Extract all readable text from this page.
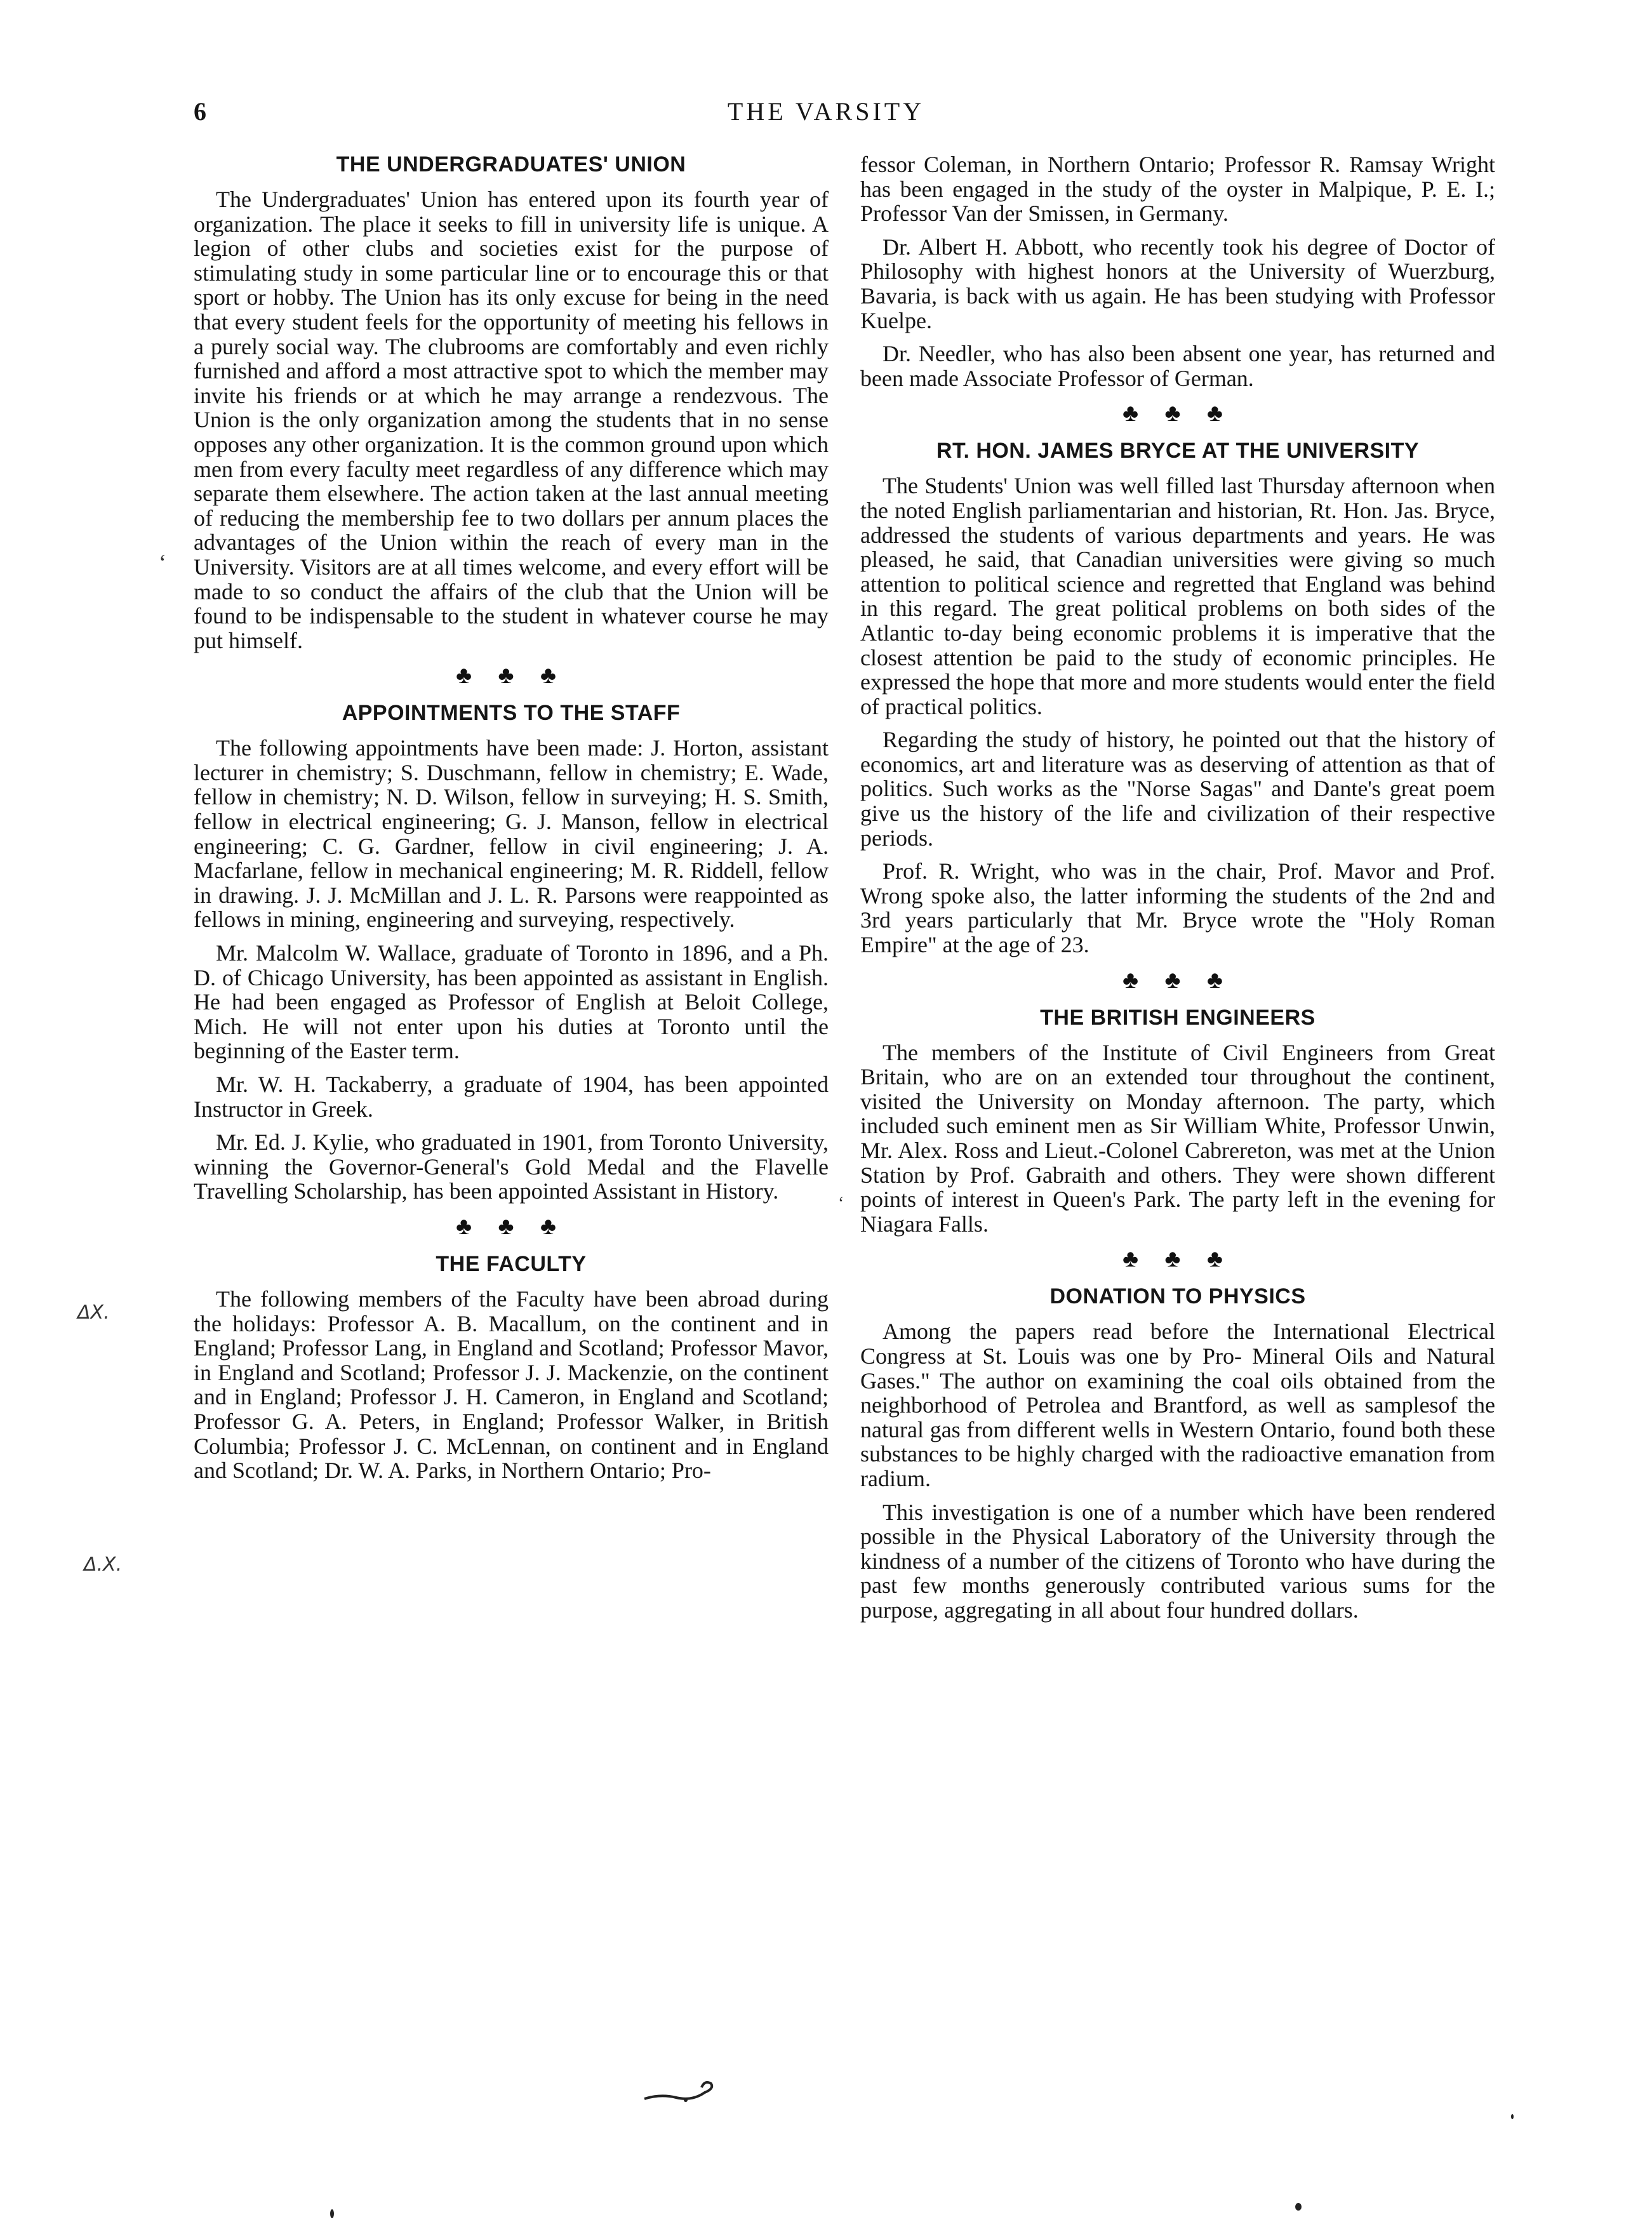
6	THE VARSITY
THE UNDERGRADUATES' UNION

The Undergraduates' Union has entered upon its fourth year of organization. The place it seeks to fill in university life is unique. A legion of other clubs and societies exist for the purpose of stimulating study in some particular line or to encourage this or that sport or hobby. The Union has its only excuse for being in the need that every student feels for the opportunity of meeting his fellows in a purely social way. The clubrooms are comfortably and even richly furnished and afford a most attractive spot to which the member may invite his friends or at which he may arrange a rendezvous. The Union is the only organization among the students that in no sense opposes any other organization. It is the common ground upon which men from every faculty meet regardless of any difference which may separate them elsewhere. The action taken at the last annual meeting of reducing the membership fee to two dollars per annum places the advantages of the Union within the reach of every man in the University. Visitors are at all times welcome, and every effort will be made to so conduct the affairs of the club that the Union will be found to be indispensable to the student in whatever course he may put himself.

♣ ♣ ♣
APPOINTMENTS TO THE STAFF

The following appointments have been made: J. Horton, assistant lecturer in chemistry; S. Duschmann, fellow in chemistry; E. Wade, fellow in chemistry; N. D. Wilson, fellow in surveying; H. S. Smith, fellow in electrical engineering; G. J. Manson, fellow in electrical engineering; C. G. Gardner, fellow in civil engineering; J. A. Macfarlane, fellow in mechanical engineering; M. R. Riddell, fellow in drawing. J. J. McMillan and J. L. R. Parsons were reappointed as fellows in mining, engineering and surveying, respectively.

Mr. Malcolm W. Wallace, graduate of Toronto in 1896, and a Ph. D. of Chicago University, has been appointed as assistant in English. He had been engaged as Professor of English at Beloit College, Mich. He will not enter upon his duties at Toronto until the beginning of the Easter term.

Mr. W. H. Tackaberry, a graduate of 1904, has been appointed Instructor in Greek.

Mr. Ed. J. Kylie, who graduated in 1901, from Toronto University, winning the Governor-General's Gold Medal and the Flavelle Travelling Scholarship, has been appointed Assistant in History.

♣ ♣ ♣
THE FACULTY

The following members of the Faculty have been abroad during the holidays: Professor A. B. Macallum, on the continent and in England; Professor Lang, in England and Scotland; Professor Mavor, in England and Scotland; Professor J. J. Mackenzie, on the continent and in England; Professor J. H. Cameron, in England and Scotland; Professor G. A. Peters, in England; Professor Walker, in British Columbia; Professor J. C. McLennan, on continent and in England and Scotland; Dr. W. A. Parks, in Northern Ontario; Pro-

fessor Coleman, in Northern Ontario; Professor R. Ramsay Wright has been engaged in the study of the oyster in Malpique, P. E. I.; Professor Van der Smissen, in Germany.

Dr. Albert H. Abbott, who recently took his degree of Doctor of Philosophy with highest honors at the University of Wuerzburg, Bavaria, is back with us again. He has been studying with Professor Kuelpe.

Dr. Needler, who has also been absent one year, has returned and been made Associate Professor of German.

♣ ♣ ♣
RT. HON. JAMES BRYCE AT THE UNIVERSITY

The Students' Union was well filled last Thursday afternoon when the noted English parliamentarian and historian, Rt. Hon. Jas. Bryce, addressed the students of various departments and years. He was pleased, he said, that Canadian universities were giving so much attention to political science and regretted that England was behind in this regard. The great political problems on both sides of the Atlantic to-day being economic problems it is imperative that the closest attention be paid to the study of economic principles. He expressed the hope that more and more students would enter the field of practical politics.

Regarding the study of history, he pointed out that the history of economics, art and literature was as deserving of attention as that of politics. Such works as the "Norse Sagas" and Dante's great poem give us the history of the life and civilization of their respective periods.

Prof. R. Wright, who was in the chair, Prof. Mavor and Prof. Wrong spoke also, the latter informing the students of the 2nd and 3rd years particularly that Mr. Bryce wrote the "Holy Roman Empire" at the age of 23.

♣ ♣ ♣
THE BRITISH ENGINEERS

The members of the Institute of Civil Engineers from Great Britain, who are on an extended tour throughout the continent, visited the University on Monday afternoon. The party, which included such eminent men as Sir William White, Professor Unwin, Mr. Alex. Ross and Lieut.-Colonel Cabrereton, was met at the Union Station by Prof. Gabraith and others. They were shown different points of interest in Queen's Park. The party left in the evening for Niagara Falls.

♣ ♣ ♣
DONATION TO PHYSICS

Among the papers read before the International Electrical Congress at St. Louis was one by Pro- Mineral Oils and Natural Gases." The author on examining the coal oils obtained from the neighborhood of Petrolea and Brantford, as well as samplesof the natural gas from different wells in Western Ontario, found both these substances to be highly charged with the radioactive emanation from radium.

This investigation is one of a number which have been rendered possible in the Physical Laboratory of the University through the kindness of a number of the citizens of Toronto who have during the past few months generously contributed various sums for the purpose, aggregating in all about four hundred dollars.

ΔX.
Δ.X.
‘
‘
